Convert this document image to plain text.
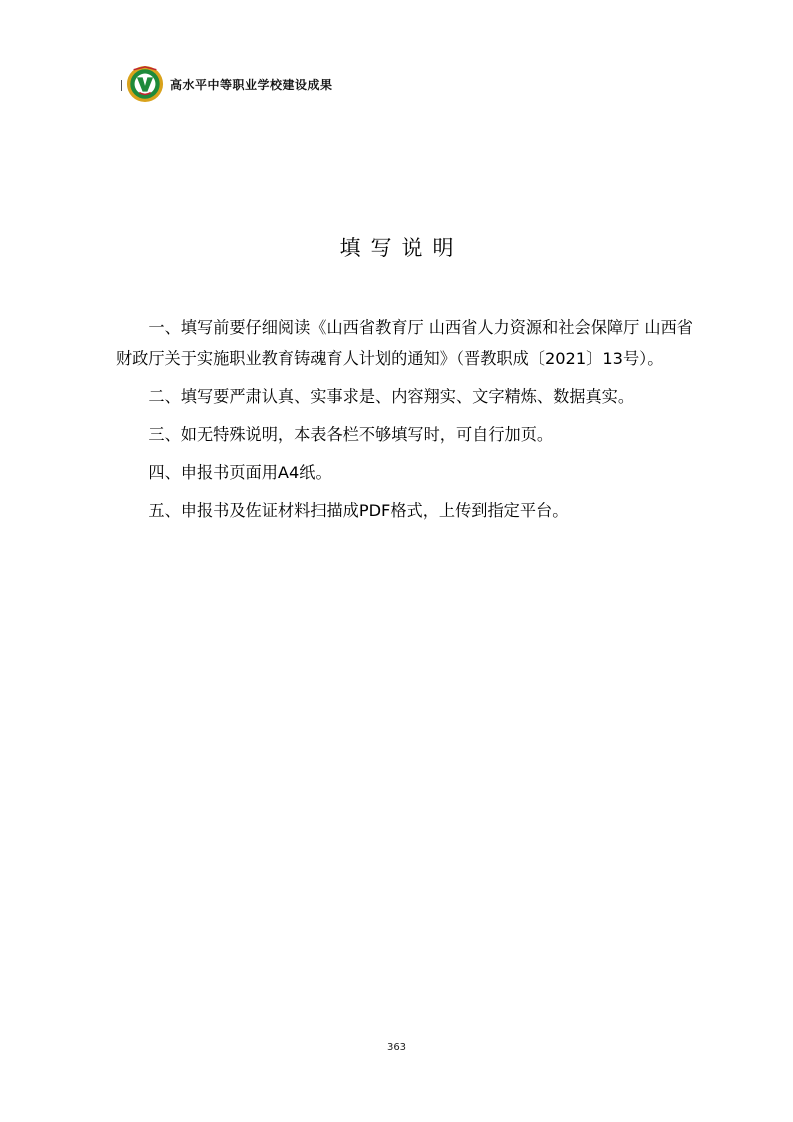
高水平中等职业学校建设成果
填写说明

一、填写前要仔细阅读《山西省教育厅 山西省人力资源和社会保障厅 山西省财政厅关于实施职业教育铸魂育人计划的通知》（晋教职成〔2021〕13号）。

二、填写要严肃认真、实事求是、内容翔实、文字精炼、数据真实。

三、如无特殊说明，本表各栏不够填写时，可自行加页。

四、申报书页面用A4纸。

五、申报书及佐证材料扫描成PDF格式，上传到指定平台。

363
